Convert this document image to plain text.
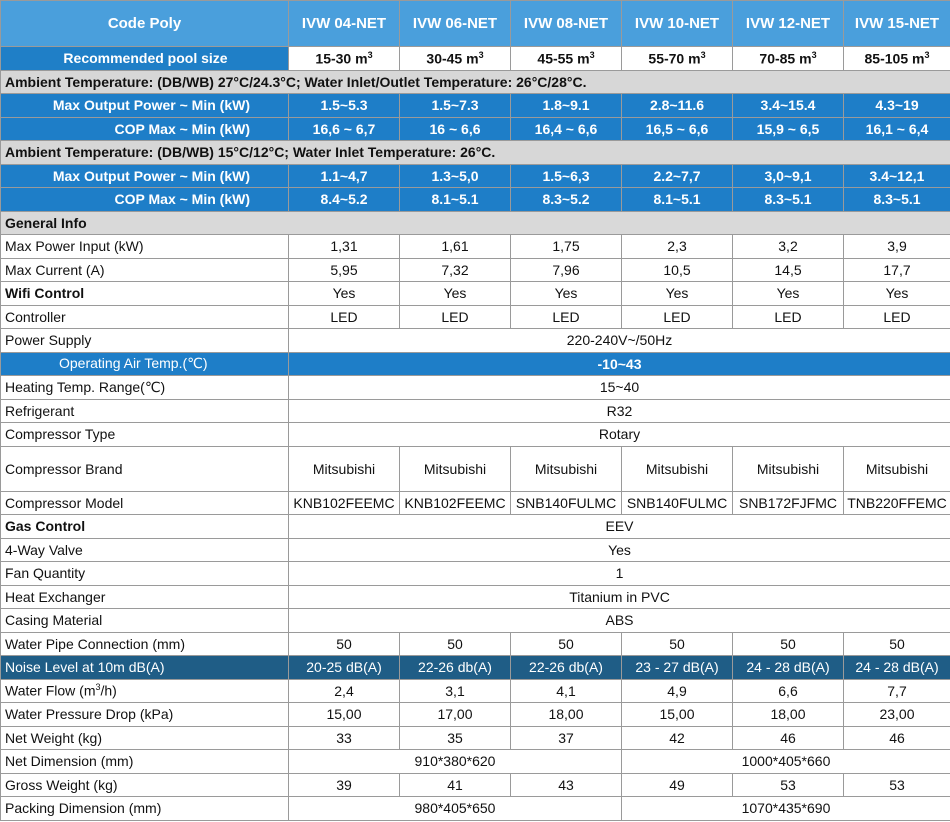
Code Poly	IVW 04-NET	IVW 06-NET	IVW 08-NET	IVW 10-NET	IVW 12-NET	IVW 15-NET
Recommended pool size	15-30 $m^3$	30-45 $m^3$	45-55 $m^3$	55-70 $m^3$	70-85 $m^3$	85-105 $m^3$
Ambient Temperature: (DB/WB) 27°C/24.3°C; Water Inlet/Outlet Temperature: 26°C/28°C.						
Max Output Power ~ Min (kW)	1.5~5.3	1.5~7.3	1.8~9.1	2.8~11.6	3.4~15.4	4.3~19
COP Max ~ Min (kW)	16,6 ~ 6,7	16 ~ 6,6	16,4 ~ 6,6	16,5 ~ 6,6	15,9 ~ 6,5	16,1 ~ 6,4
Ambient Temperature: (DB/WB) 15°C/12°C; Water Inlet Temperature: 26°C.						
Max Output Power ~ Min (kW)	1.1~4,7	1.3~5,0	1.5~6,3	2.2~7,7	3,0~9,1	3.4~12,1
COP Max ~ Min (kW)	8.4~5.2	8.1~5.1	8.3~5.2	8.1~5.1	8.3~5.1	8.3~5.1
General Info						
Max Power Input (kW)	1,31	1,61	1,75	2,3	3,2	3,9
Max Current (A)	5,95	7,32	7,96	10,5	14,5	17,7
Wifi Control	Yes	Yes	Yes	Yes	Yes	Yes
Controller	LED	LED	LED	LED	LED	LED
Power Supply	220-240V~/50Hz					
Operating Air Temp.(℃)	-10~43					
Heating Temp. Range(℃)	15~40					
Refrigerant	R32					
Compressor Type	Rotary					
Compressor Brand	Mitsubishi	Mitsubishi	Mitsubishi	Mitsubishi	Mitsubishi	Mitsubishi
Compressor Model	KNB102FEEMC	KNB102FEEMC	SNB140FULMC	SNB140FULMC	SNB172FJFMC	TNB220FFEMC
Gas Control	EEV					
4-Way Valve	Yes					
Fan Quantity	1					
Heat Exchanger	Titanium in PVC					
Casing Material	ABS					
Water Pipe Connection (mm)	50	50	50	50	50	50
Noise Level at 10m dB(A)	20-25 dB(A)	22-26 db(A)	22-26 db(A)	23 - 27 dB(A)	24 - 28 dB(A)	24 - 28 dB(A)
Water Flow $(m^3/h)$	2,4	3,1	4,1	4,9	6,6	7,7
Water Pressure Drop (kPa)	15,00	17,00	18,00	15,00	18,00	23,00
Net Weight (kg)	33	35	37	42	46	46
Net Dimension (mm)	910*380*620			1000*405*660		
Gross Weight (kg)	39	41	43	49	53	53
Packing Dimension (mm)	980*405*650			1070*435*690		
